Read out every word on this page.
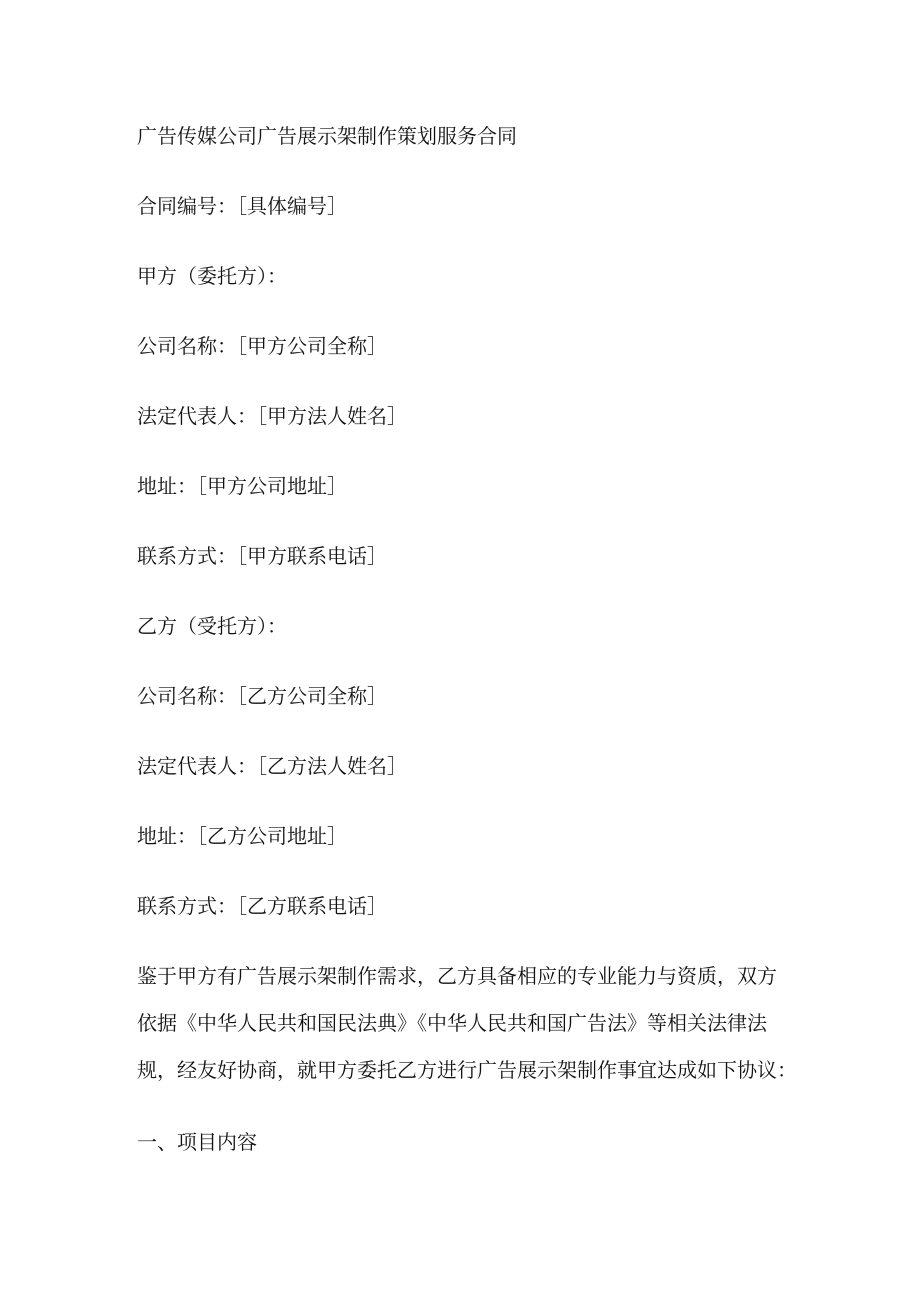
广告传媒公司广告展示架制作策划服务合同
合同编号：［具体编号］
甲方（委托方）：
公司名称：［甲方公司全称］
法定代表人：［甲方法人姓名］
地址：［甲方公司地址］
联系方式：［甲方联系电话］
乙方（受托方）：
公司名称：［乙方公司全称］
法定代表人：［乙方法人姓名］
地址：［乙方公司地址］
联系方式：［乙方联系电话］
鉴于甲方有广告展示架制作需求，乙方具备相应的专业能力与资质，双方
依据《中华人民共和国民法典》《中华人民共和国广告法》等相关法律法
规，经友好协商，就甲方委托乙方进行广告展示架制作事宜达成如下协议：
一、项目内容
